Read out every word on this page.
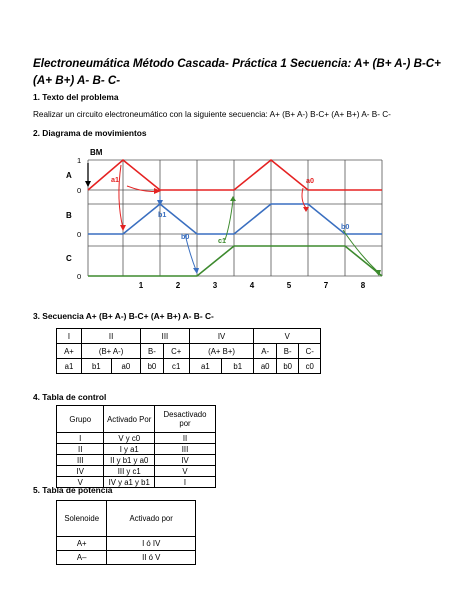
Electroneumática Método Cascada- Práctica 1 Secuencia: A+ (B+ A-) B-C+ (A+ B+) A- B- C-
1. Texto del problema
Realizar un circuito electroneumático con la siguiente secuencia: A+ (B+ A-) B-C+ (A+ B+) A- B- C-
2. Diagrama de movimientos
BM
A
B
C
1
0
0
0
a1
b1
b0	c1
a0
b0
1	2	3	4	5	7	8
3. Secuencia A+ (B+ A-) B-C+ (A+ B+) A- B- C-
I	II		III		IV		V		
A+	(B+ A-)		B-	C+	(A+ B+)		A-	B-	C-
a1	b1	a0	b0	c1	a1	b1	a0	b0	c0
4. Tabla de control
Grupo	Activado Por	Desactivado por
I	V y c0	II
II	I y a1	III
III	II y b1 y a0	IV
IV	III y c1	V
V	IV y a1 y b1	I
5. Tabla de potencia
Solenoide	Activado por
A+	I ó IV
A–	II ó V
